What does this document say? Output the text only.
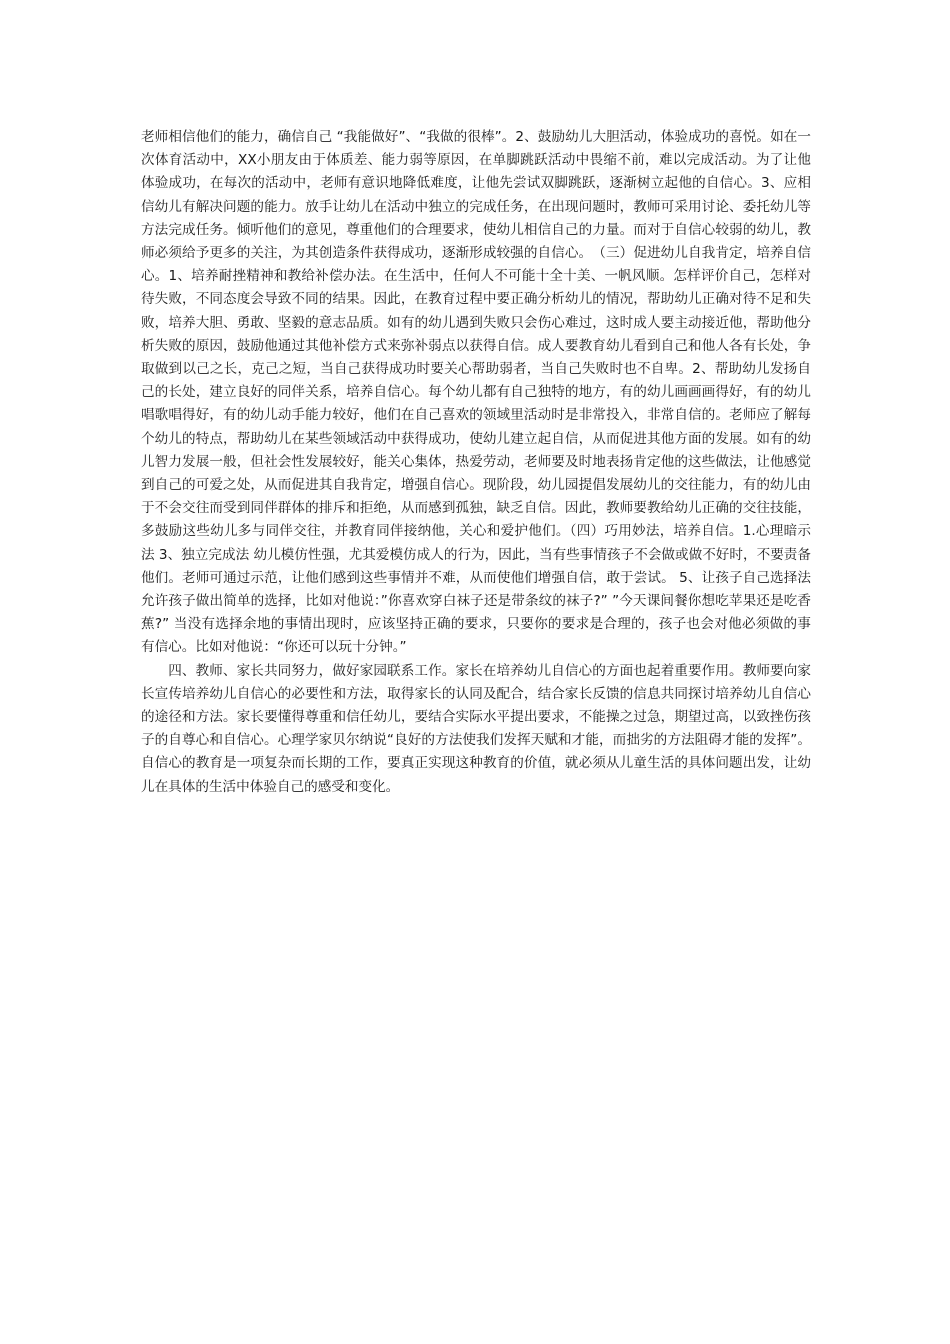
老师相信他们的能力，确信自己 “我能做好”、“我做的很棒”。2、鼓励幼儿大胆活动，体验成功的喜悦。如在一次体育活动中，XX小朋友由于体质差、能力弱等原因，在单脚跳跃活动中畏缩不前，难以完成活动。为了让他体验成功，在每次的活动中，老师有意识地降低难度，让他先尝试双脚跳跃，逐渐树立起他的自信心。3、应相信幼儿有解决问题的能力。放手让幼儿在活动中独立的完成任务，在出现问题时，教师可采用讨论、委托幼儿等方法完成任务。倾听他们的意见，尊重他们的合理要求，使幼儿相信自己的力量。而对于自信心较弱的幼儿，教师必须给予更多的关注，为其创造条件获得成功，逐渐形成较强的自信心。　（三）促进幼儿自我肯定，培养自信心。1、培养耐挫精神和教给补偿办法。在生活中，任何人不可能十全十美、一帆风顺。怎样评价自己，怎样对待失败，不同态度会导致不同的结果。因此，在教育过程中要正确分析幼儿的情况，帮助幼儿正确对待不足和失败，培养大胆、勇敢、坚毅的意志品质。如有的幼儿遇到失败只会伤心难过，这时成人要主动接近他，帮助他分析失败的原因，鼓励他通过其他补偿方式来弥补弱点以获得自信。成人要教育幼儿看到自己和他人各有长处，争取做到以己之长，克己之短，当自己获得成功时要关心帮助弱者，当自己失败时也不自卑。2、帮助幼儿发扬自己的长处，建立良好的同伴关系，培养自信心。每个幼儿都有自己独特的地方，有的幼儿画画画得好，有的幼儿唱歌唱得好，有的幼儿动手能力较好，他们在自己喜欢的领域里活动时是非常投入，非常自信的。老师应了解每个幼儿的特点，帮助幼儿在某些领域活动中获得成功，使幼儿建立起自信，从而促进其他方面的发展。如有的幼儿智力发展一般，但社会性发展较好，能关心集体，热爱劳动，老师要及时地表扬肯定他的这些做法，让他感觉到自己的可爱之处，从而促进其自我肯定，增强自信心。现阶段，幼儿园提倡发展幼儿的交往能力，有的幼儿由于不会交往而受到同伴群体的排斥和拒绝，从而感到孤独，缺乏自信。因此，教师要教给幼儿正确的交往技能，多鼓励这些幼儿多与同伴交往，并教育同伴接纳他，关心和爱护他们。（四）巧用妙法，培养自信。1.心理暗示法 3、独立完成法 幼儿模仿性强，尤其爱模仿成人的行为，因此，当有些事情孩子不会做或做不好时，不要责备他们。老师可通过示范，让他们感到这些事情并不难，从而使他们增强自信，敢于尝试。 5、让孩子自己选择法 允许孩子做出简单的选择，比如对他说：”你喜欢穿白袜子还是带条纹的袜子?” ”今天课间餐你想吃苹果还是吃香蕉?” 当没有选择余地的事情出现时，应该坚持正确的要求，只要你的要求是合理的，孩子也会对他必须做的事有信心。比如对他说：“你还可以玩十分钟。”

四、教师、家长共同努力，做好家园联系工作。家长在培养幼儿自信心的方面也起着重要作用。教师要向家长宣传培养幼儿自信心的必要性和方法，取得家长的认同及配合，结合家长反馈的信息共同探讨培养幼儿自信心的途径和方法。家长要懂得尊重和信任幼儿，要结合实际水平提出要求，不能操之过急，期望过高，以致挫伤孩子的自尊心和自信心。心理学家贝尔纳说“良好的方法使我们发挥天赋和才能，而拙劣的方法阻碍才能的发挥”。自信心的教育是一项复杂而长期的工作，要真正实现这种教育的价值，就必须从儿童生活的具体问题出发，让幼儿在具体的生活中体验自己的感受和变化。
